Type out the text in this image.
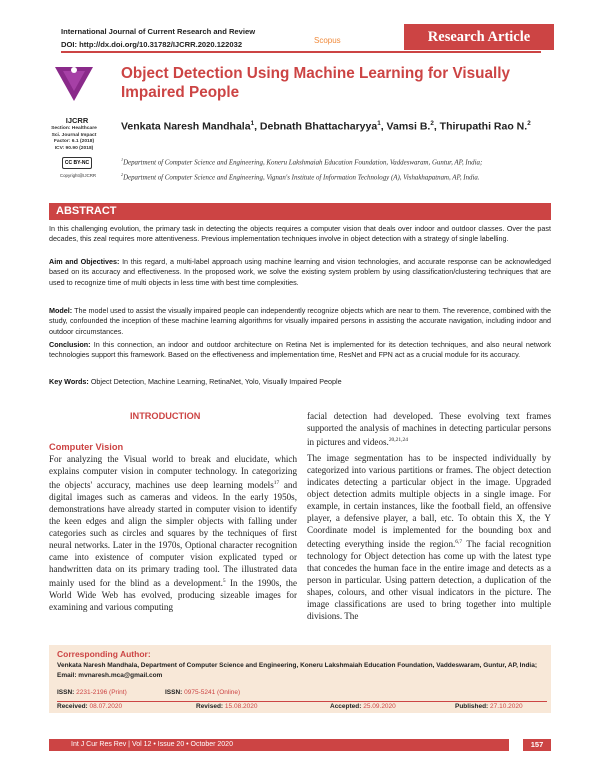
International Journal of Current Research and Review
DOI: http://dx.doi.org/10.31782/IJCRR.2020.122032	Scopus	Research Article
IJCRR
Section: Healthcare
Sci. Journal Impact
Factor: 6.1 (2018)
ICV: 90.90 (2018)
CC BY-NC
Copyright@IJCRR
Object Detection Using Machine Learning for Visually Impaired People
Venkata Naresh Mandhala$^1$, Debnath Bhattacharyya$^1$, Vamsi B.$^2$, Thirupathi Rao N.$^2$
$^1$Department of Computer Science and Engineering, Koneru Lakshmaiah Education Foundation, Vaddeswaram, Guntur, AP, India;
$^2$Department of Computer Science and Engineering, Vignan's Institute of Information Technology (A), Vishakhapatnam, AP, India.
ABSTRACT
In this challenging evolution, the primary task in detecting the objects requires a computer vision that deals over indoor and outdoor classes. Over the past decades, this zeal requires more attentiveness. Previous implementation techniques involve in object detection with a strategy of single labelling.
Aim and Objectives: In this regard, a multi-label approach using machine learning and vision technologies, and accurate response can be acknowledged based on its accuracy and effectiveness. In the proposed work, we solve the existing system problem by using classification/clustering techniques that are used to recognize time of multi objects in less time with best time complexities.
Model: The model used to assist the visually impaired people can independently recognize objects which are near to them. The reverence, combined with the study, confounded the inception of these machine learning algorithms for visually impaired persons in assisting the accurate navigation, including indoor and outdoor circumstances.
Conclusion: In this connection, an indoor and outdoor architecture on Retina Net is implemented for its detection techniques, and also neural network technologies support this framework. Based on the effectiveness and implementation time, ResNet and FPN act as a crucial module for its accuracy.
Key Words: Object Detection, Machine Learning, RetinaNet, Yolo, Visually Impaired People
INTRODUCTION
Computer Vision
For analyzing the Visual world to break and elucidate, which explains computer vision in computer technology. In categorizing the objects' accuracy, machines use deep learning models$^{17}$ and digital images such as cameras and videos. In the early 1950s, demonstrations have already started in computer vision to identify the keen edges and align the simpler objects with falling under categories such as circles and squares by the techniques of first neural networks. Later in the 1970s, Optional character recognition came into existence of computer vision explicated typed or handwritten data on its primary trading tool. The illustrated data mainly used for the blind as a development.$^5$ In the 1990s, the World Wide Web has evolved, producing sizeable images for examining and various computing
facial detection had developed. These evolving text frames supported the analysis of machines in detecting particular persons in pictures and videos.$^{20,21,24}$
The image segmentation has to be inspected individually by categorized into various partitions or frames. The object detection indicates detecting a particular object in the image. Upgraded object detection admits multiple objects in a single image. For example, in certain instances, like the football field, an offensive player, a defensive player, a ball, etc. To obtain this X, the Y Coordinate model is implemented for the bounding box and detecting everything inside the region.$^{6,7}$ The facial recognition technology for Object detection has come up with the latest type that concedes the human face in the entire image and detects as a person in particular. Using pattern detection, a duplication of the shapes, colours, and other visual indicators in the picture. The image classifications are used to bring together into multiple divisions. The
Corresponding Author:
Venkata Naresh Mandhala, Department of Computer Science and Engineering, Koneru Lakshmaiah Education Foundation, Vaddeswaram, Guntur, AP, India; Email: mvnaresh.mca@gmail.com
ISSN: 2231-2196 (Print)	ISSN: 0975-5241 (Online)
Received: 08.07.2020	Revised: 15.08.2020	Accepted: 25.09.2020	Published: 27.10.2020
Int J Cur Res Rev | Vol 12 • Issue 20 • October 2020	157
